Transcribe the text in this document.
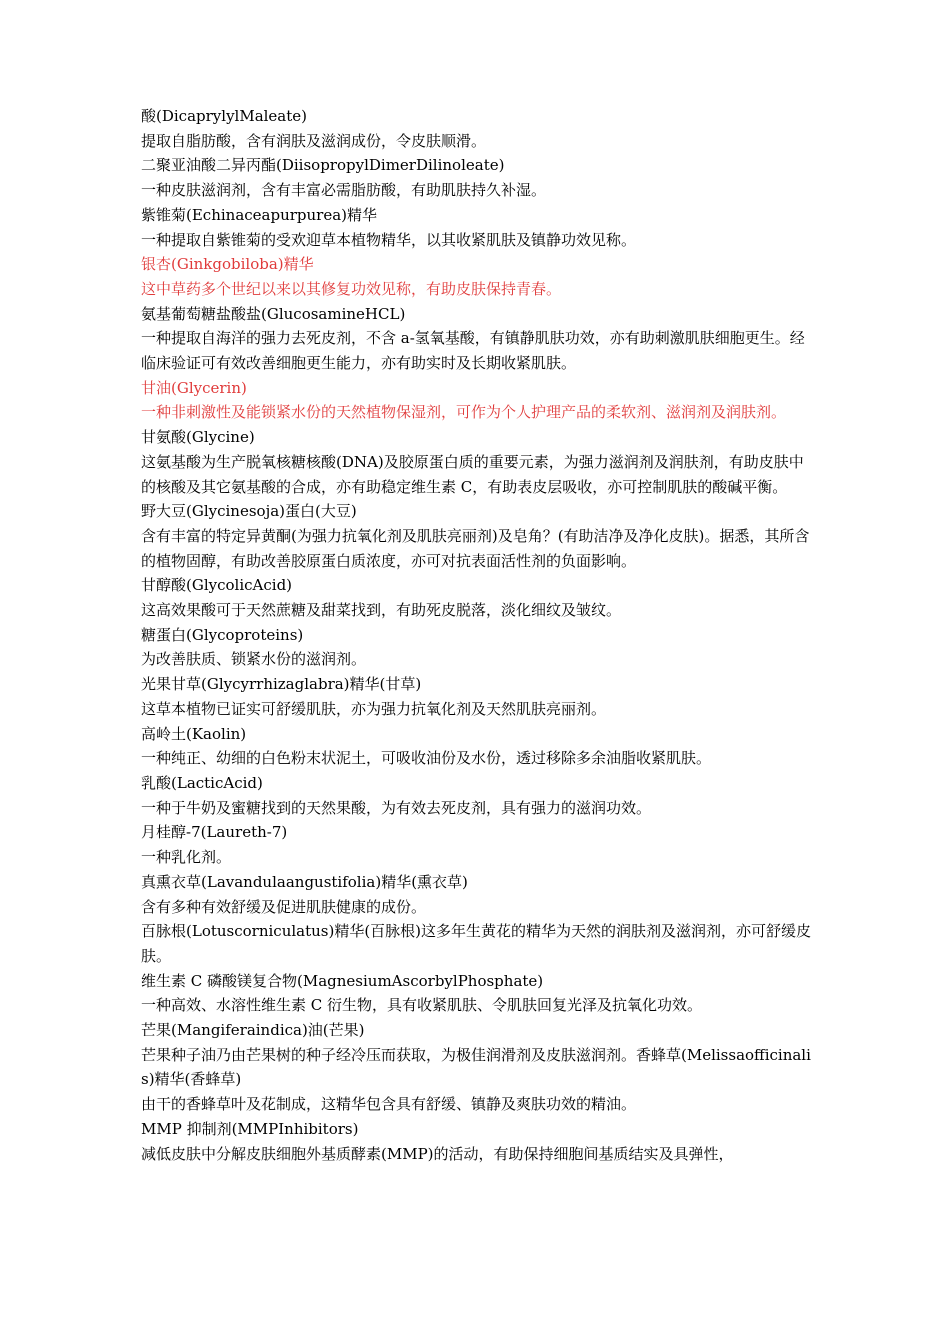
酸(DicaprylylMaleate)

提取自脂肪酸，含有润肤及滋润成份，令皮肤顺滑。

二聚亚油酸二异丙酯(DiisopropylDimerDilinoleate)

一种皮肤滋润剂，含有丰富必需脂肪酸，有助肌肤持久补湿。

紫锥菊(Echinaceapurpurea)精华

一种提取自紫锥菊的受欢迎草本植物精华，以其收紧肌肤及镇静功效见称。

银杏(Ginkgobiloba)精华

这中草药多个世纪以来以其修复功效见称，有助皮肤保持青春。

氨基葡萄糖盐酸盐(GlucosamineHCL)

一种提取自海洋的强力去死皮剂，不含 a-氢氧基酸，有镇静肌肤功效，亦有助刺激肌肤细胞更生。经临床验证可有效改善细胞更生能力，亦有助实时及长期收紧肌肤。

甘油(Glycerin)

一种非刺激性及能锁紧水份的天然植物保湿剂，可作为个人护理产品的柔软剂、滋润剂及润肤剂。

甘氨酸(Glycine)

这氨基酸为生产脱氧核糖核酸(DNA)及胶原蛋白质的重要元素，为强力滋润剂及润肤剂，有助皮肤中的核酸及其它氨基酸的合成，亦有助稳定维生素 C，有助表皮层吸收，亦可控制肌肤的酸碱平衡。

野大豆(Glycinesoja)蛋白(大豆)

含有丰富的特定异黄酮(为强力抗氧化剂及肌肤亮丽剂)及皂角？(有助洁净及净化皮肤)。据悉，其所含的植物固醇，有助改善胶原蛋白质浓度，亦可对抗表面活性剂的负面影响。

甘醇酸(GlycolicAcid)

这高效果酸可于天然蔗糖及甜菜找到，有助死皮脱落，淡化细纹及皱纹。

糖蛋白(Glycoproteins)

为改善肤质、锁紧水份的滋润剂。

光果甘草(Glycyrrhizaglabra)精华(甘草)

这草本植物已证实可舒缓肌肤，亦为强力抗氧化剂及天然肌肤亮丽剂。

高岭土(Kaolin)

一种纯正、幼细的白色粉末状泥土，可吸收油份及水份，透过移除多余油脂收紧肌肤。

乳酸(LacticAcid)

一种于牛奶及蜜糖找到的天然果酸，为有效去死皮剂，具有强力的滋润功效。

月桂醇-7(Laureth-7)

一种乳化剂。

真熏衣草(Lavandulaangustifolia)精华(熏衣草)

含有多种有效舒缓及促进肌肤健康的成份。

百脉根(Lotuscorniculatus)精华(百脉根)这多年生黄花的精华为天然的润肤剂及滋润剂，亦可舒缓皮肤。

维生素 C 磷酸镁复合物(MagnesiumAscorbylPhosphate)

一种高效、水溶性维生素 C 衍生物，具有收紧肌肤、令肌肤回复光泽及抗氧化功效。

芒果(Mangiferaindica)油(芒果)

芒果种子油乃由芒果树的种子经冷压而获取，为极佳润滑剂及皮肤滋润剂。香蜂草(Melissaofficinalis)精华(香蜂草)

由干的香蜂草叶及花制成，这精华包含具有舒缓、镇静及爽肤功效的精油。

MMP 抑制剂(MMPInhibitors)

减低皮肤中分解皮肤细胞外基质酵素(MMP)的活动，有助保持细胞间基质结实及具弹性，
